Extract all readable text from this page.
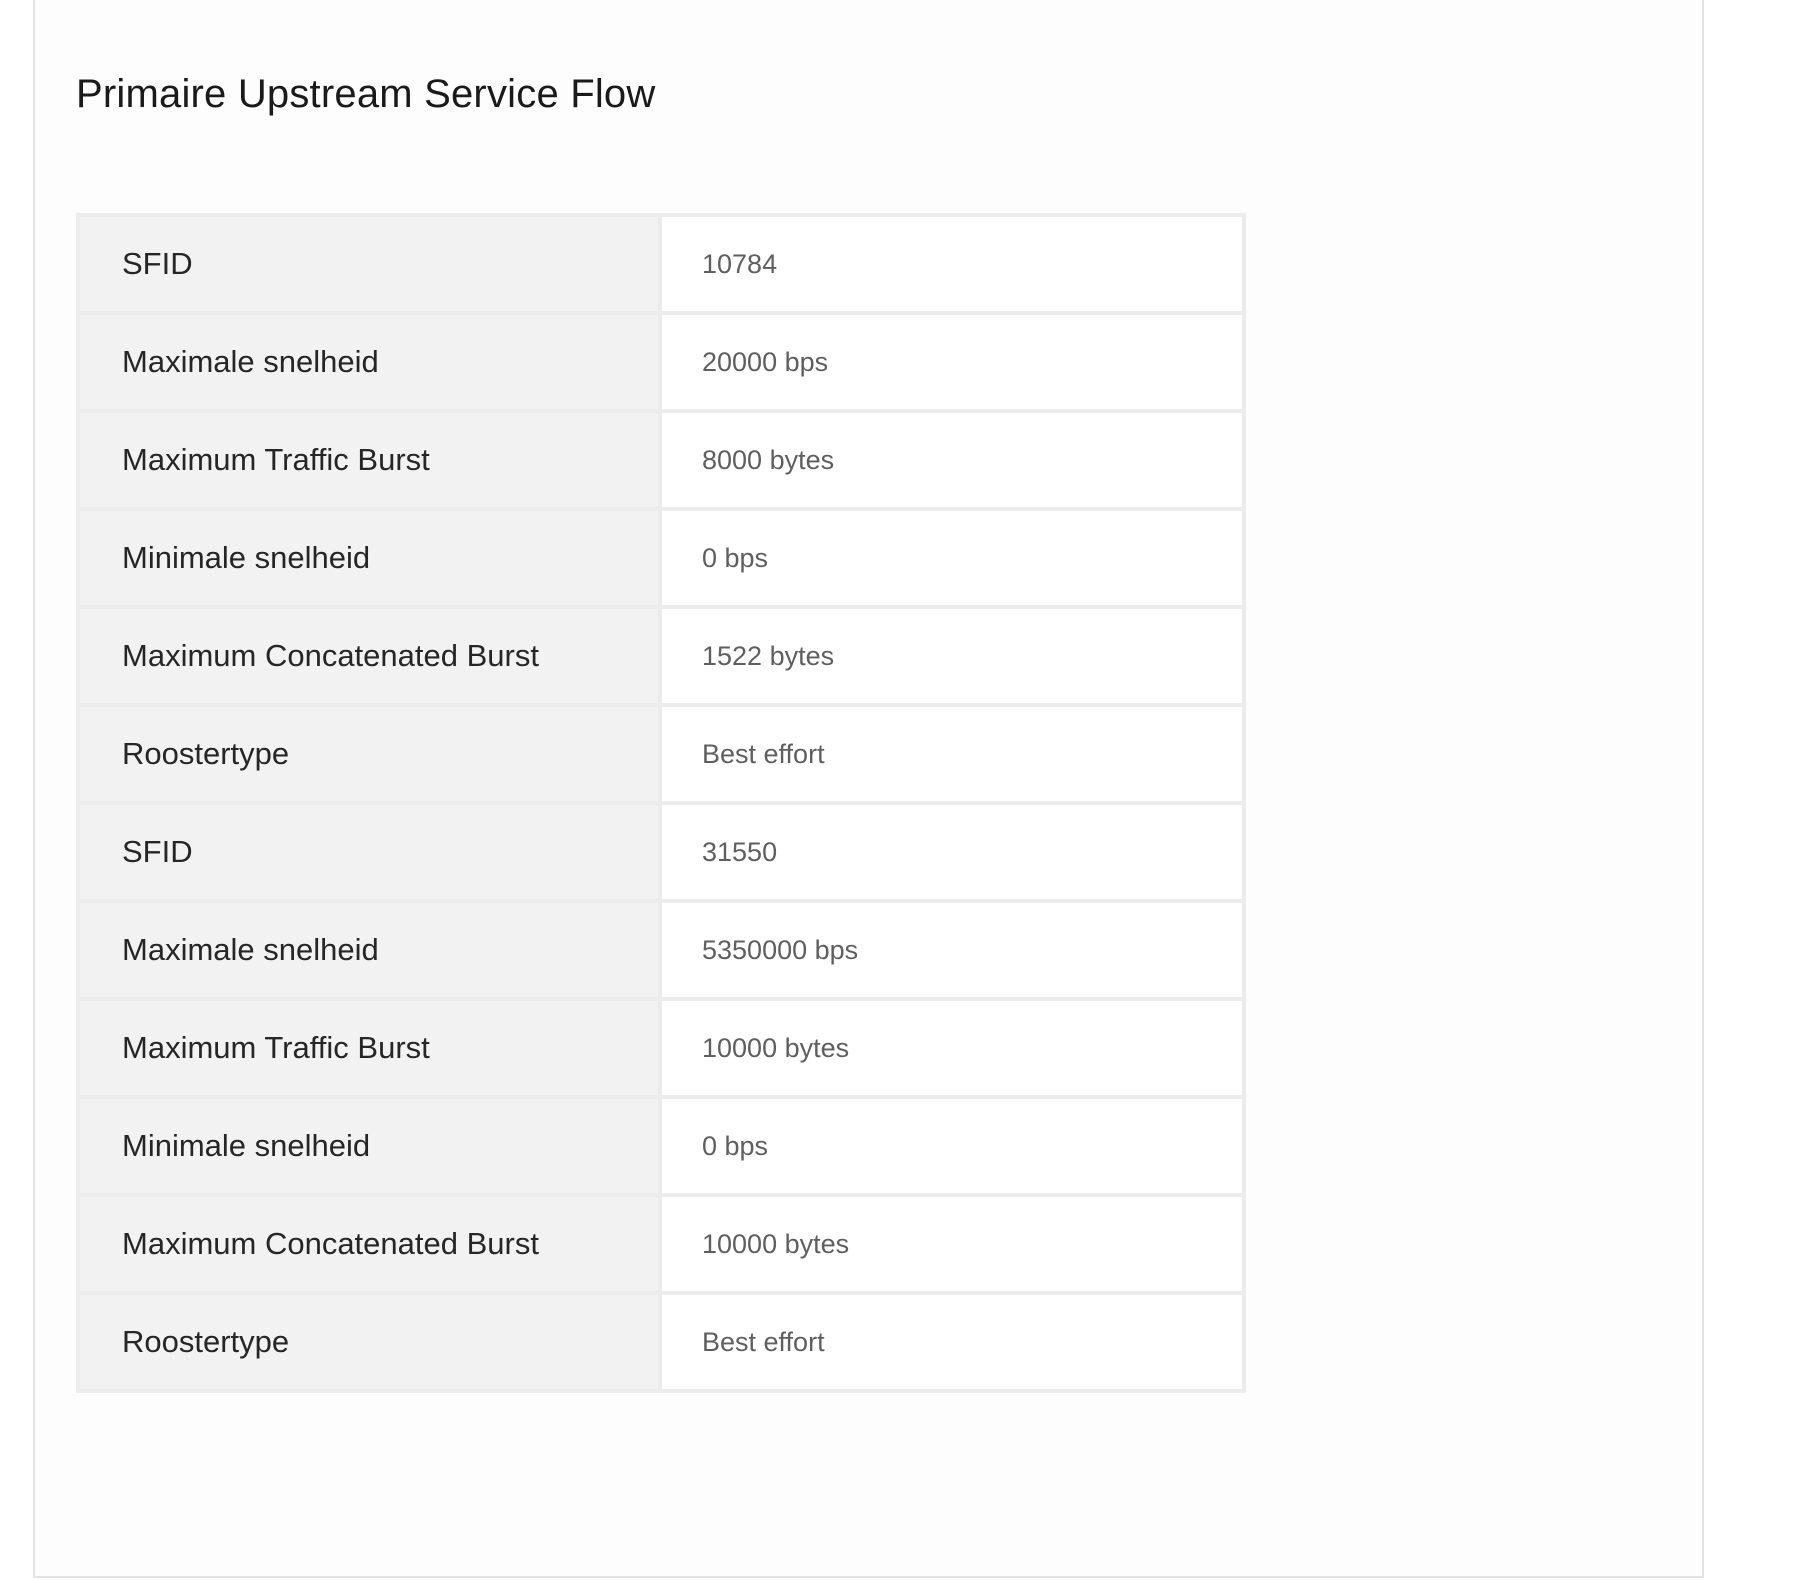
Primaire Upstream Service Flow
SFID	10784
Maximale snelheid	20000 bps
Maximum Traffic Burst	8000 bytes
Minimale snelheid	0 bps
Maximum Concatenated Burst	1522 bytes
Roostertype	Best effort
SFID	31550
Maximale snelheid	5350000 bps
Maximum Traffic Burst	10000 bytes
Minimale snelheid	0 bps
Maximum Concatenated Burst	10000 bytes
Roostertype	Best effort
